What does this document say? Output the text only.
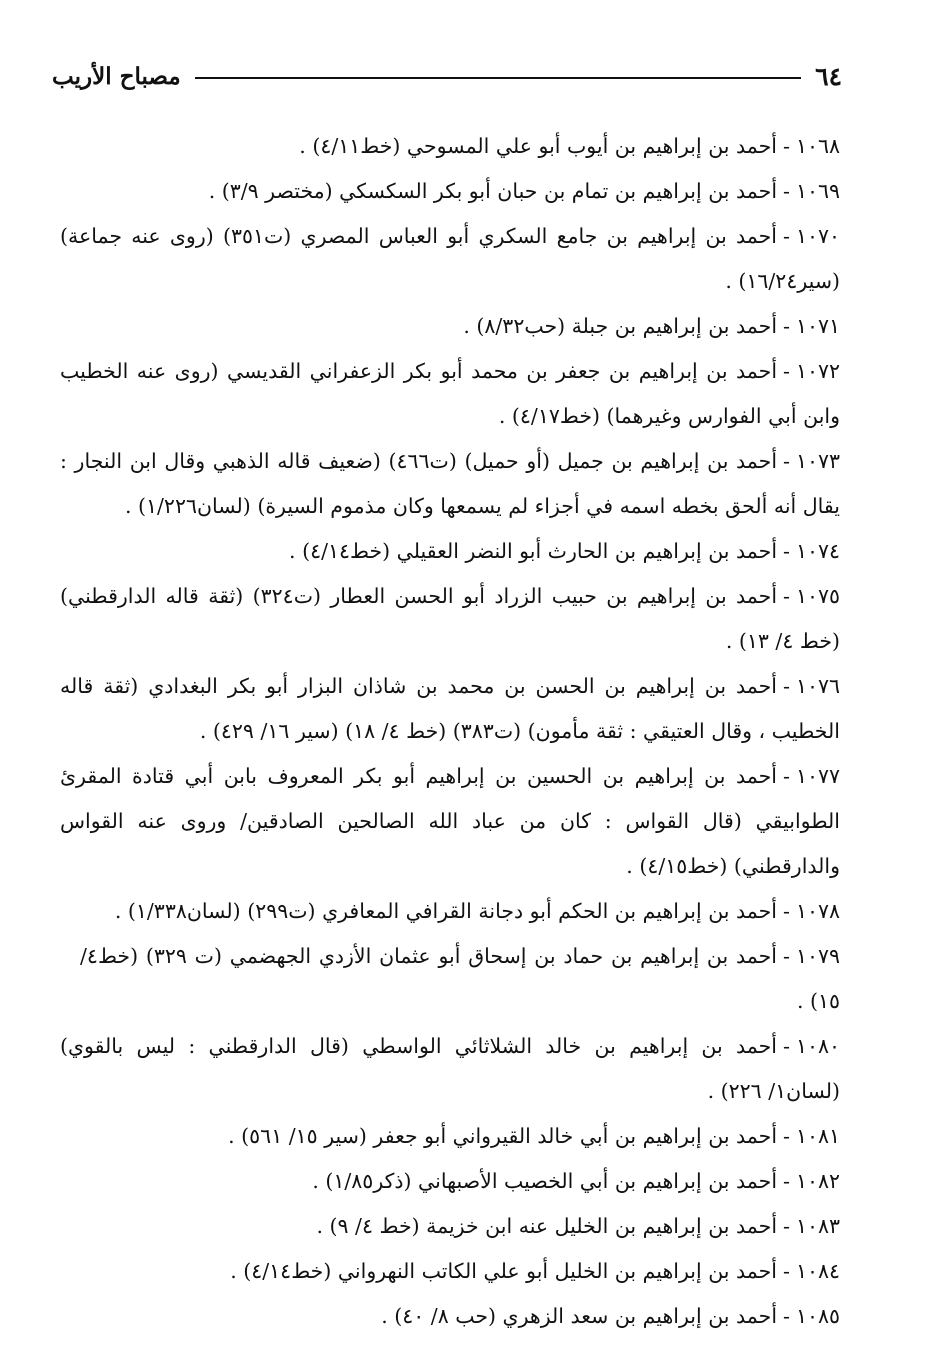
٦٤
مصباح الأريب

١٠٦٨-أحمد بن إبراهيم بن أيوب أبو علي المسوحي (خط٤/١١) .

١٠٦٩-أحمد بن إبراهيم بن تمام بن حبان أبو بكر السكسكي (مختصر ٣/٩) .

١٠٧٠-أحمد بن إبراهيم بن جامع السكري أبو العباس المصري (ت٣٥١) (روى عنه جماعة) (سير١٦/٢٤) .

١٠٧١-أحمد بن إبراهيم بن جبلة (حب٨/٣٢) .

١٠٧٢-أحمد بن إبراهيم بن جعفر بن محمد أبو بكر الزعفراني القديسي (روى عنه الخطيب وابن أبي الفوارس وغيرهما) (خط٤/١٧) .

١٠٧٣-أحمد بن إبراهيم بن جميل (أو حميل) (ت٤٦٦) (ضعيف قاله الذهبي وقال ابن النجار : يقال أنه ألحق بخطه اسمه في أجزاء لم يسمعها وكان مذموم السيرة) (لسان١/٢٢٦) .

١٠٧٤-أحمد بن إبراهيم بن الحارث أبو النضر العقيلي (خط٤/١٤) .

١٠٧٥-أحمد بن إبراهيم بن حبيب الزراد أبو الحسن العطار (ت٣٢٤) (ثقة قاله الدارقطني) (خط ٤/ ١٣) .

١٠٧٦-أحمد بن إبراهيم بن الحسن بن محمد بن شاذان البزار أبو بكر البغدادي (ثقة قاله الخطيب ، وقال العتيقي : ثقة مأمون) (ت٣٨٣) (خط ٤/ ١٨) (سير ١٦/ ٤٢٩) .

١٠٧٧-أحمد بن إبراهيم بن الحسين بن إبراهيم أبو بكر المعروف بابن أبي قتادة المقرئ الطوابيقي (قال القواس : كان من عباد الله الصالحين الصادقين/ وروى عنه القواس والدارقطني) (خط٤/١٥) .

١٠٧٨-أحمد بن إبراهيم بن الحكم أبو دجانة القرافي المعافري (ت٢٩٩) (لسان١/٣٣٨) .

١٠٧٩-أحمد بن إبراهيم بن حماد بن إسحاق أبو عثمان الأزدي الجهضمي (ت ٣٢٩) (خط٤/ ١٥) .

١٠٨٠-أحمد بن إبراهيم بن خالد الشلاثائي الواسطي (قال الدارقطني : ليس بالقوي) (لسان١/ ٢٢٦) .

١٠٨١-أحمد بن إبراهيم بن أبي خالد القيرواني أبو جعفر (سير ١٥/ ٥٦١) .

١٠٨٢-أحمد بن إبراهيم بن أبي الخصيب الأصبهاني (ذكر١/٨٥) .

١٠٨٣-أحمد بن إبراهيم بن الخليل عنه ابن خزيمة (خط ٤/ ٩) .

١٠٨٤-أحمد بن إبراهيم بن الخليل أبو علي الكاتب النهرواني (خط٤/١٤) .

١٠٨٥-أحمد بن إبراهيم بن سعد الزهري (حب ٨/ ٤٠) .
